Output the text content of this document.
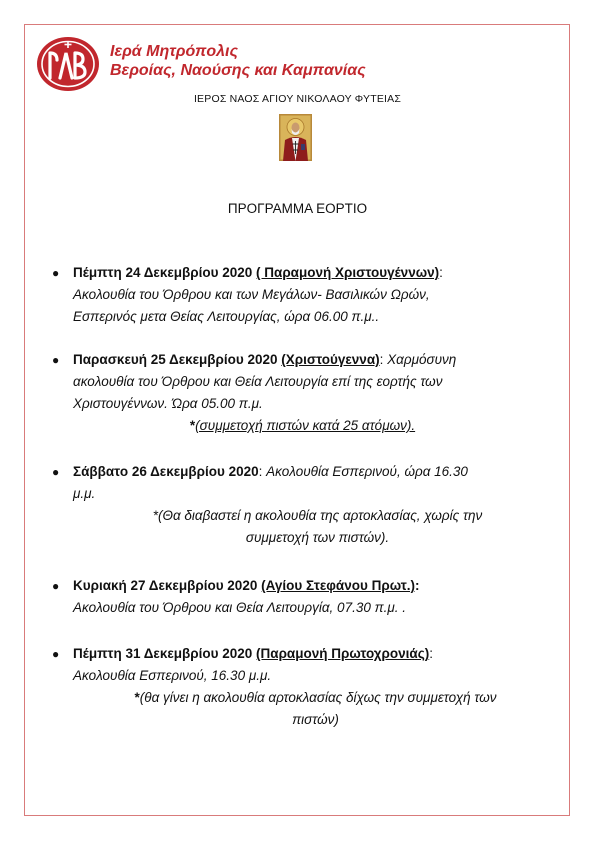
Ιερά Μητρόπολις
Βεροίας, Ναούσης και Καμπανίας
ΙΕΡΟΣ ΝΑΟΣ ΑΓΙΟΥ ΝΙΚΟΛΑΟΥ ΦΥΤΕΙΑΣ
ΠΡΟΓΡΑΜΜΑ ΕΟΡΤΙΟ
● Πέμπτη 24 Δεκεμβρίου 2020 ( Παραμονή Χριστουγέννων):
Ακολουθία του Όρθρου και των Μεγάλων- Βασιλικών Ωρών,
Εσπερινός μετα Θείας Λειτουργίας, ώρα 06.00 π.μ..
● Παρασκευή 25 Δεκεμβρίου 2020 (Χριστούγεννα): Χαρμόσυνη
ακολουθία του Όρθρου και Θεία Λειτουργία επί της εορτής των
Χριστουγέννων. Ώρα 05.00 π.μ.

*(συμμετοχή πιστών κατά 25 ατόμων).
● Σάββατο 26 Δεκεμβρίου 2020: Ακολουθία Εσπερινού, ώρα 16.30
μ.μ.

*(Θα διαβαστεί η ακολουθία της αρτοκλασίας, χωρίς την
συμμετοχή των πιστών).
● Κυριακή 27 Δεκεμβρίου 2020 (Αγίου Στεφάνου Πρωτ.):
Ακολουθία του Όρθρου και Θεία Λειτουργία, 07.30 π.μ. .
● Πέμπτη 31 Δεκεμβρίου 2020 (Παραμονή Πρωτοχρονιάς):
Ακολουθία Εσπερινού, 16.30 μ.μ.

*(θα γίνει η ακολουθία αρτοκλασίας δίχως την συμμετοχή των
πιστών)
